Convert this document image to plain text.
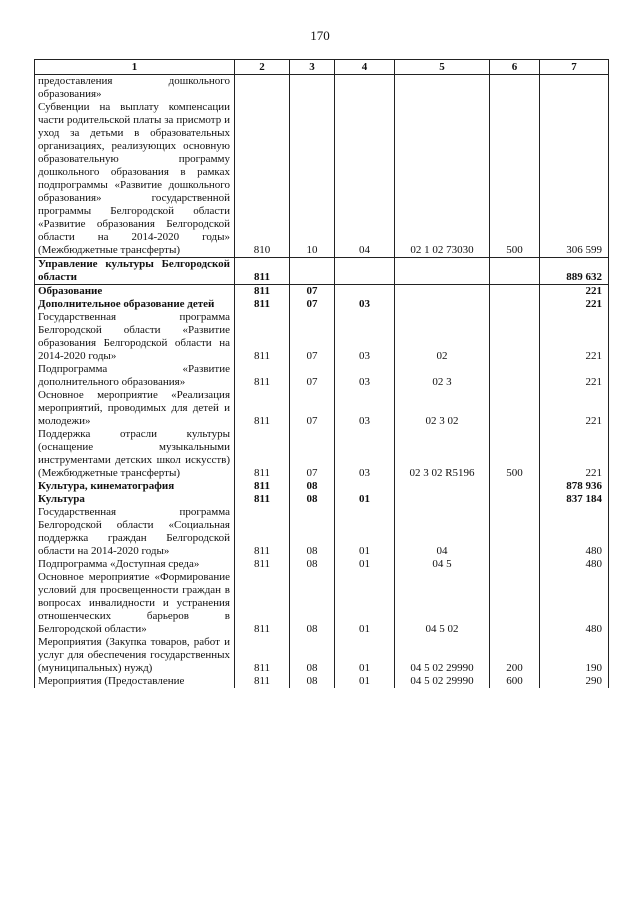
170
1	2	3	4	5	6	7
предоставления дошкольного образования»						
Субвенции на выплату компенсации части родительской платы за присмотр и уход за детьми в образовательных организациях, реализующих основную образовательную программу дошкольного образования в рамках подпрограммы «Развитие дошкольного образования» государственной программы Белгородской области «Развитие образования Белгородской области на 2014-2020 годы» (Межбюджетные трансферты)	810	10	04	02 1 02 73030	500	306 599
Управление культуры Белгородской области	811					889 632
Образование	811	07				221
Дополнительное образование детей	811	07	03			221
Государственная программа Белгородской области «Развитие образования Белгородской области на 2014-2020 годы»	811	07	03	02		221
Подпрограмма «Развитие дополнительного образования»	811	07	03	02 3		221
Основное мероприятие «Реализация мероприятий, проводимых для детей и молодежи»	811	07	03	02 3 02		221
Поддержка отрасли культуры (оснащение музыкальными инструментами детских школ искусств) (Межбюджетные трансферты)	811	07	03	02 3 02 R5196	500	221
Культура, кинематография	811	08				878 936
Культура	811	08	01			837 184
Государственная программа Белгородской области «Социальная поддержка граждан Белгородской области на 2014-2020 годы»	811	08	01	04		480
Подпрограмма «Доступная среда»	811	08	01	04 5		480
Основное мероприятие «Формирование условий для просвещенности граждан в вопросах инвалидности и устранения отношенческих барьеров в Белгородской области»	811	08	01	04 5 02		480
Мероприятия (Закупка товаров, работ и услуг для обеспечения государственных (муниципальных) нужд)	811	08	01	04 5 02 29990	200	190
Мероприятия (Предоставление	811	08	01	04 5 02 29990	600	290
